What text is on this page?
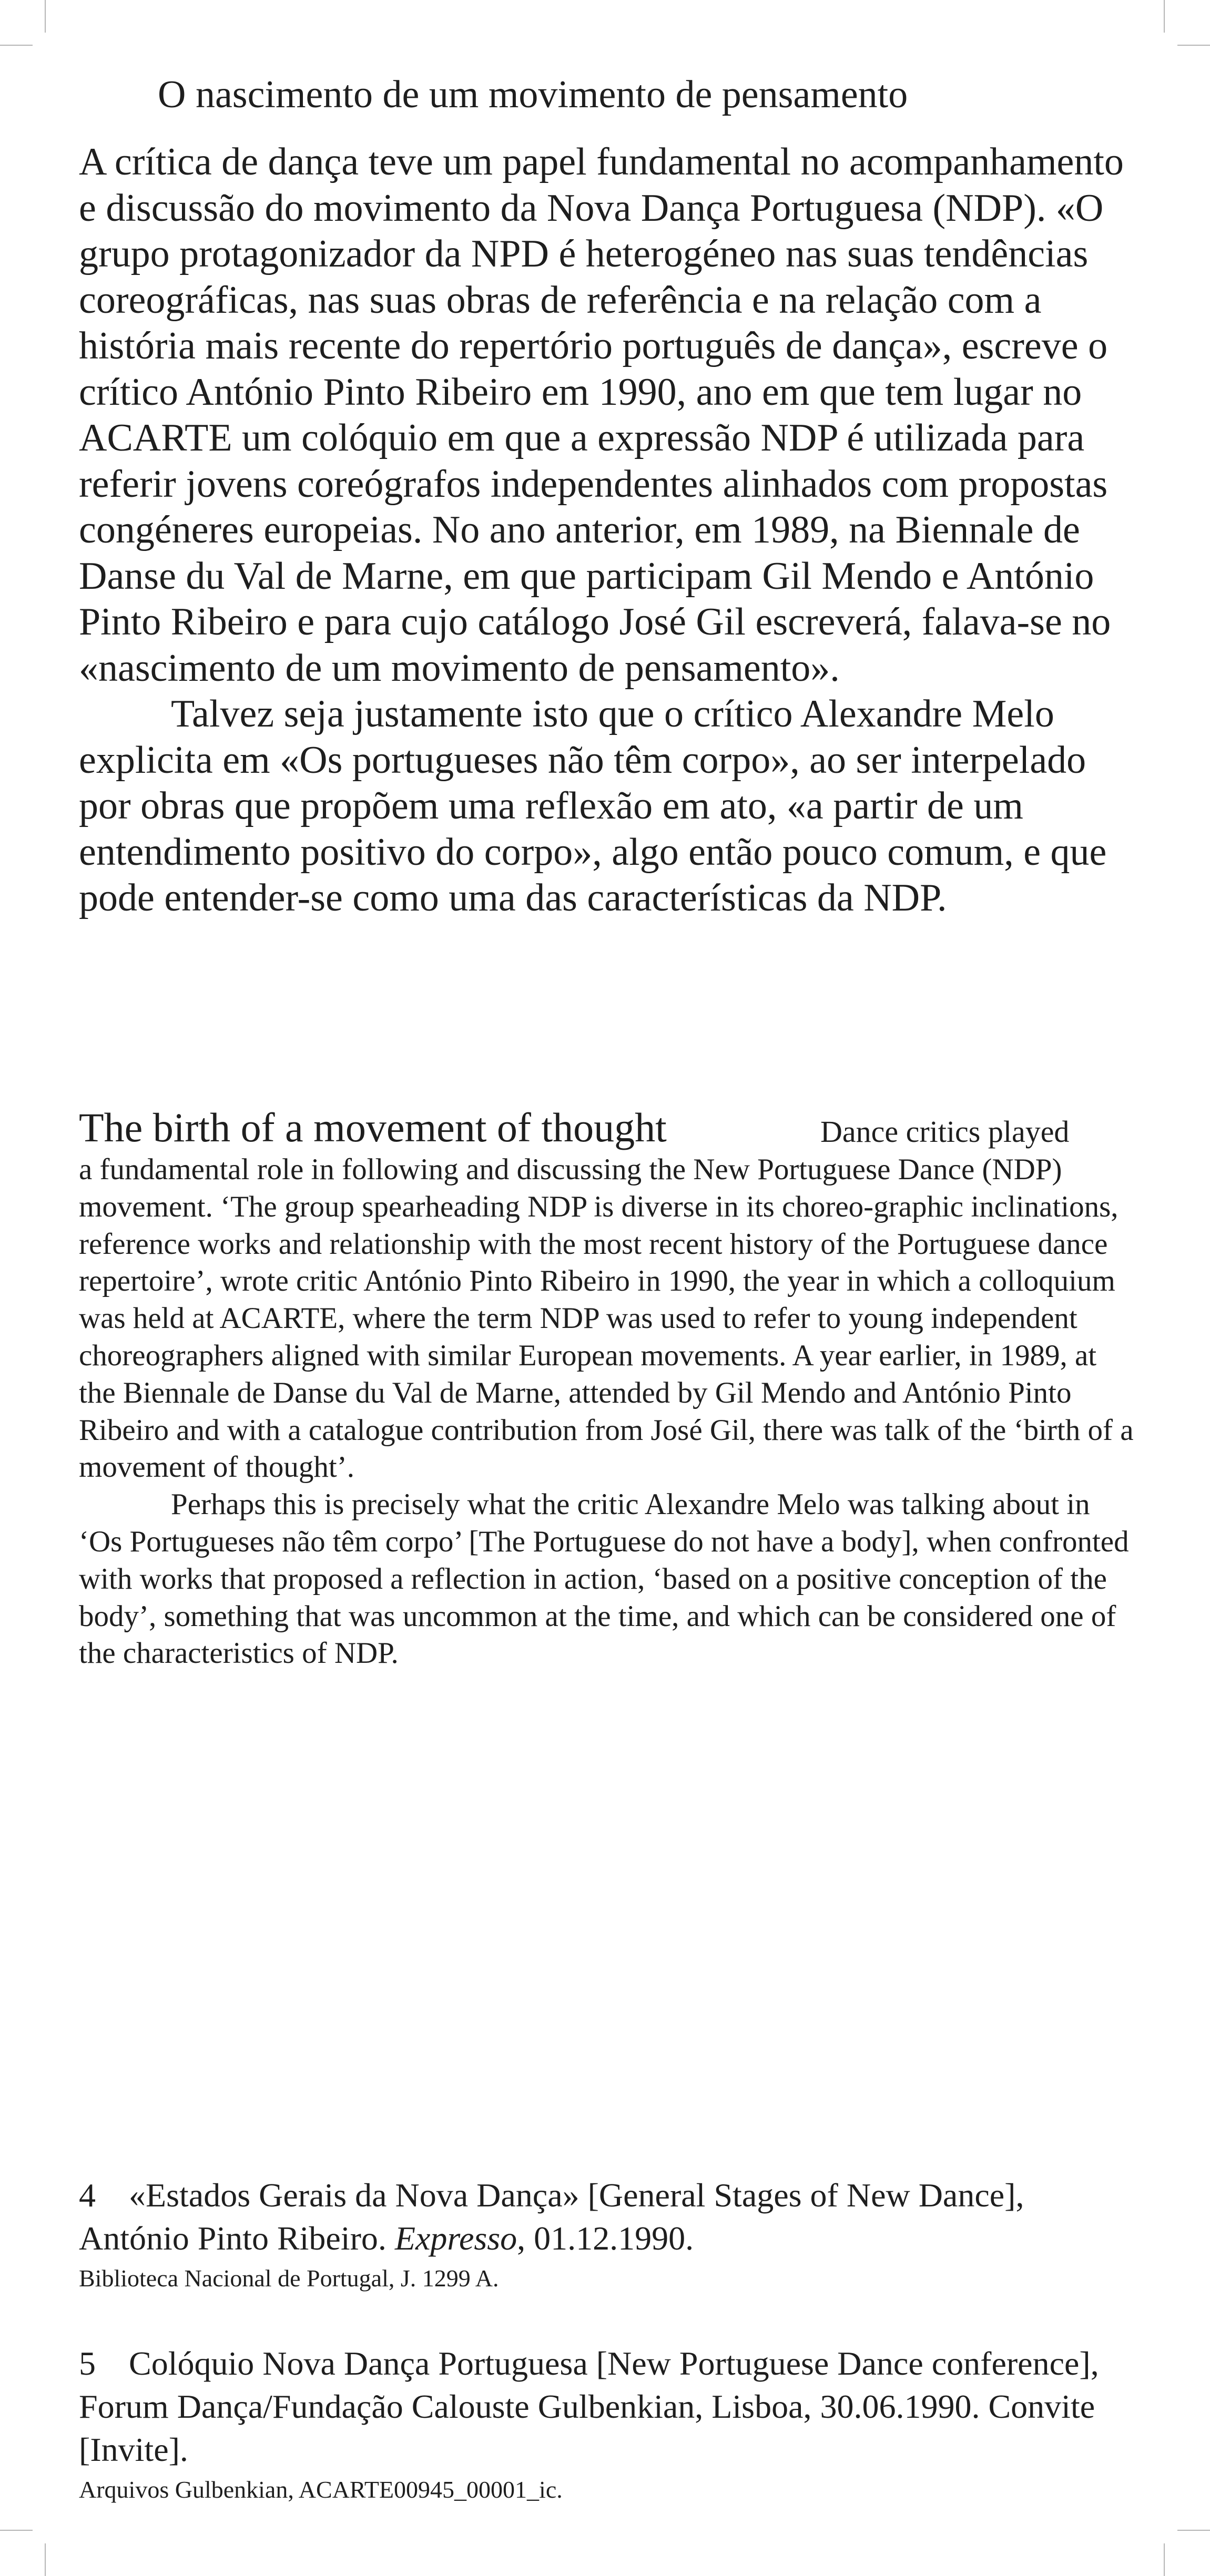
O nascimento de um movimento de pensamento

A crítica de dança teve um papel fundamental no acompanhamento e discussão do movimento da Nova Dança Portuguesa (NDP). «O grupo protagonizador da NPD é heterogéneo nas suas tendências coreográficas, nas suas obras de referência e na relação com a história mais recente do repertório português de dança», escreve o crítico António Pinto Ribeiro em 1990, ano em que tem lugar no ACARTE um colóquio em que a expressão NDP é utilizada para referir jovens coreógrafos independentes alinhados com propostas congéneres europeias. No ano anterior, em 1989, na Biennale de Danse du Val de Marne, em que participam Gil Mendo e António Pinto Ribeiro e para cujo catálogo José Gil escreverá, falava-se no «nascimento de um movimento de pensamento».

Talvez seja justamente isto que o crítico Alexandre Melo explicita em «Os portugueses não têm corpo», ao ser interpelado por obras que propõem uma reflexão em ato, «a partir de um entendimento positivo do corpo», algo então pouco comum, e que pode entender-se como uma das características da NDP.

The birth of a movement of thought	Dance critics played

a fundamental role in following and discussing the New Portuguese Dance (NDP) movement. ‘The group spearheading NDP is diverse in its choreo-graphic inclinations, reference works and relationship with the most recent history of the Portuguese dance repertoire’, wrote critic António Pinto Ribeiro in 1990, the year in which a colloquium was held at ACARTE, where the term NDP was used to refer to young independent choreographers aligned with similar European movements. A year earlier, in 1989, at the Biennale de Danse du Val de Marne, attended by Gil Mendo and António Pinto Ribeiro and with a catalogue contribution from José Gil, there was talk of the ‘birth of a movement of thought’.

Perhaps this is precisely what the critic Alexandre Melo was talking about in ‘Os Portugueses não têm corpo’ [The Portuguese do not have a body], when confronted with works that proposed a reflection in action, ‘based on a positive conception of the body’, something that was uncommon at the time, and which can be considered one of the characteristics of NDP.

4 «Estados Gerais da Nova Dança» [General Stages of New Dance], António Pinto Ribeiro. Expresso, 01.12.1990.

Biblioteca Nacional de Portugal, J. 1299 A.

5 Colóquio Nova Dança Portuguesa [New Portuguese Dance conference], Forum Dança/Fundação Calouste Gulbenkian, Lisboa, 30.06.1990. Convite [Invite].

Arquivos Gulbenkian, ACARTE00945_00001_ic.
